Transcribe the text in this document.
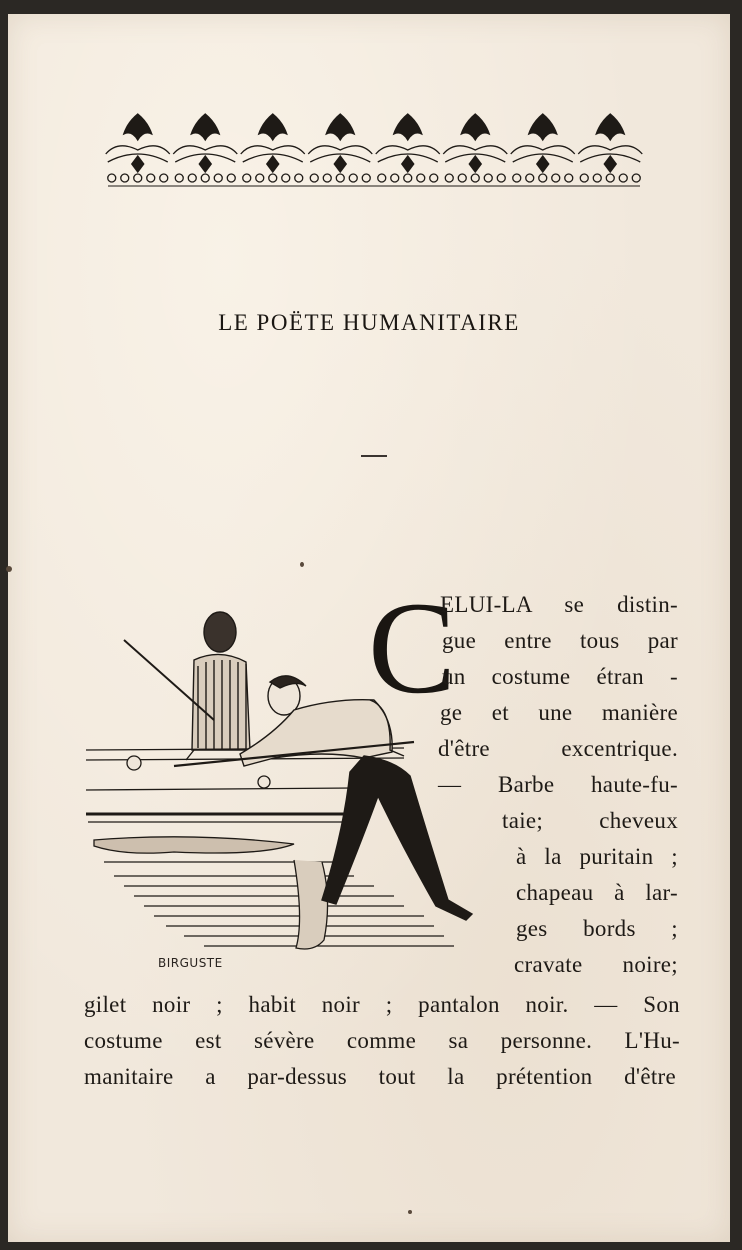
LE POËTE HUMANITAIRE
BIRGUSTE
C
ELUI-LA se distin-
gue entre tous par
un costume étran -
ge et une manière
d'être excentrique.
— Barbe haute-fu-
taie; cheveux
à la puritain ;
chapeau à lar-
ges bords ;
cravate noire;
gilet noir ; habit noir ; pantalon noir. — Son
costume est sévère comme sa personne. L'Hu-
manitaire a par-dessus tout la prétention d'être
